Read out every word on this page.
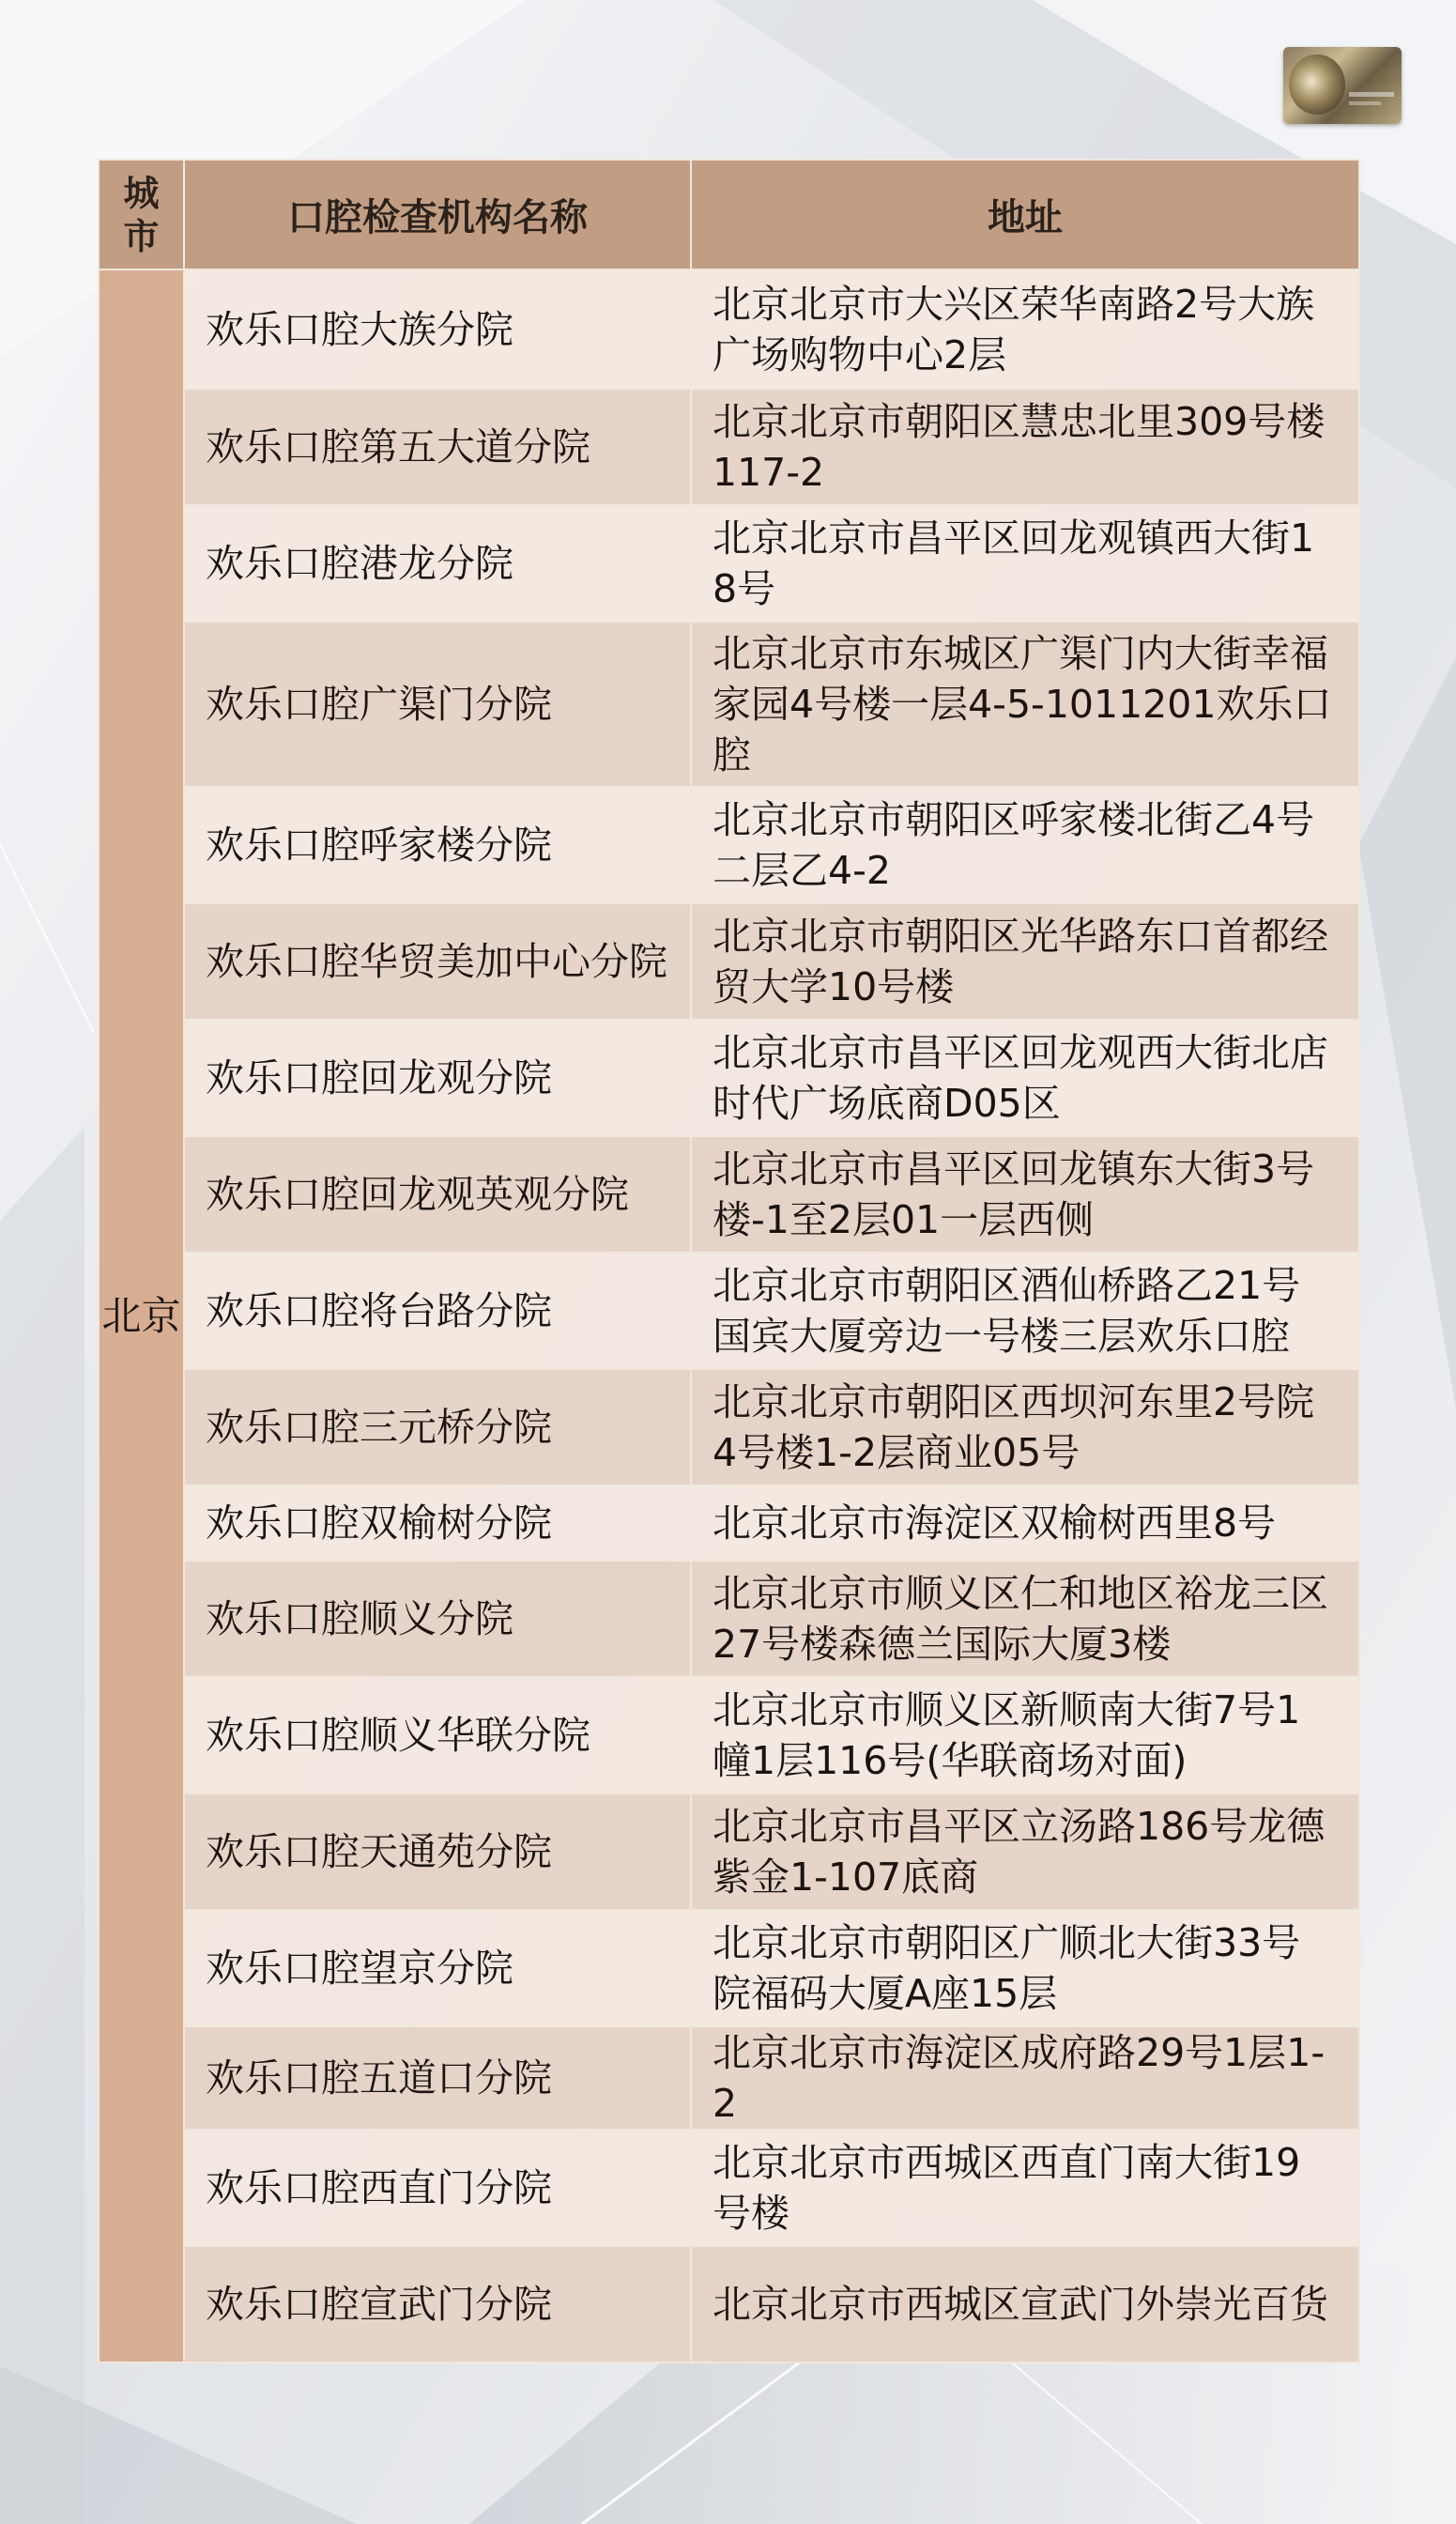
城市	口腔检查机构名称	地址
北京	欢乐口腔大族分院	北京北京市大兴区荣华南路2号大族广场购物中心2层
	欢乐口腔第五大道分院	北京北京市朝阳区慧忠北里309号楼117-2
	欢乐口腔港龙分院	北京北京市昌平区回龙观镇西大街18号
	欢乐口腔广渠门分院	北京北京市东城区广渠门内大街幸福家园4号楼一层4-5-1011201欢乐口腔
	欢乐口腔呼家楼分院	北京北京市朝阳区呼家楼北街乙4号二层乙4-2
	欢乐口腔华贸美加中心分院	北京北京市朝阳区光华路东口首都经贸大学10号楼
	欢乐口腔回龙观分院	北京北京市昌平区回龙观西大街北店时代广场底商D05区
	欢乐口腔回龙观英观分院	北京北京市昌平区回龙镇东大街3号楼-1至2层01一层西侧
	欢乐口腔将台路分院	北京北京市朝阳区酒仙桥路乙21号国宾大厦旁边一号楼三层欢乐口腔
	欢乐口腔三元桥分院	北京北京市朝阳区西坝河东里2号院4号楼1-2层商业05号
	欢乐口腔双榆树分院	北京北京市海淀区双榆树西里8号
	欢乐口腔顺义分院	北京北京市顺义区仁和地区裕龙三区27号楼森德兰国际大厦3楼
	欢乐口腔顺义华联分院	北京北京市顺义区新顺南大街7号1幢1层116号(华联商场对面)
	欢乐口腔天通苑分院	北京北京市昌平区立汤路186号龙德紫金1-107底商
	欢乐口腔望京分院	北京北京市朝阳区广顺北大街33号院福码大厦A座15层
	欢乐口腔五道口分院	北京北京市海淀区成府路29号1层1-2
	欢乐口腔西直门分院	北京北京市西城区西直门南大街19号楼
	欢乐口腔宣武门分院	北京北京市西城区宣武门外崇光百货
